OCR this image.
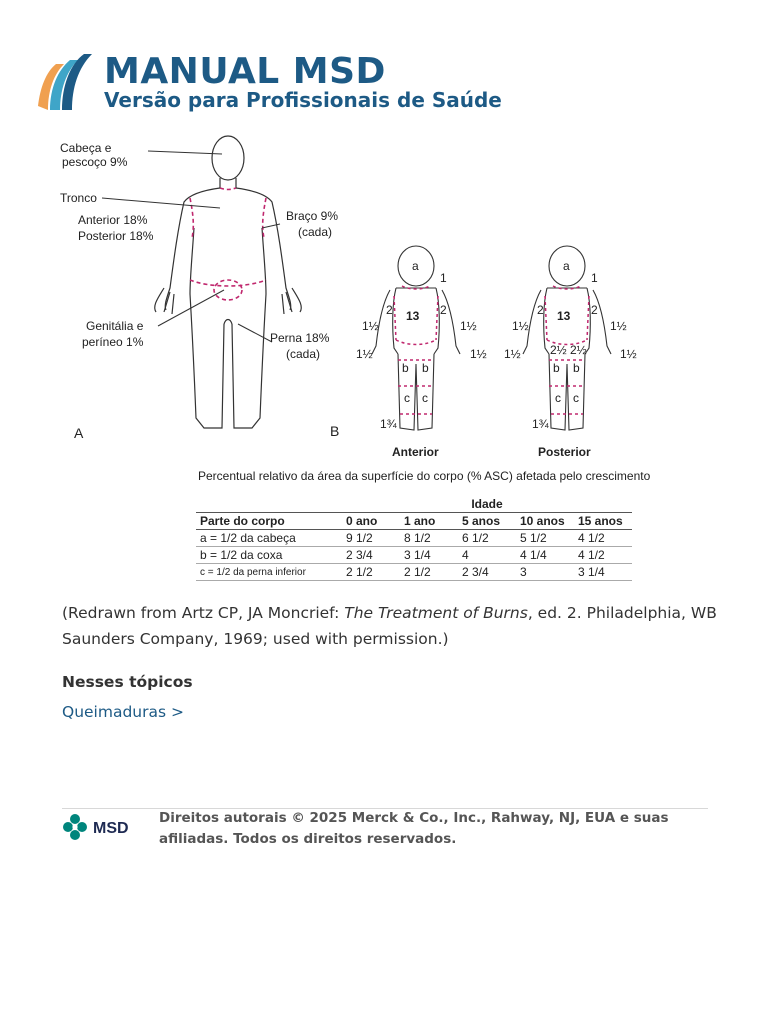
MANUAL MSD
Versão para Profissionais de Saúde
Cabeça e
pescoço 9%
Tronco
Anterior 18%
Posterior 18%
Braço 9%
(cada)
Genitália e
períneo 1%	Perna 18%
(cada)
A
a
1
13
2	2
1½	1½
1½	1½
b b
c c
1¾
B
Anterior
a
1
13
2	2
1½	1½
1½	1½
2½ 2½
b b
c c
1¾
Posterior
Percentual relativo da área da superfície do corpo (% ASC) afetada pelo crescimento
	Idade				
Parte do corpo	0 ano	1 ano	5 anos	10 anos	15 anos
a = 1/2 da cabeça	9 1/2	8 1/2	6 1/2	5 1/2	4 1/2
b = 1/2 da coxa	2 3/4	3 1/4	4	4 1/4	4 1/2
c = 1/2 da perna inferior	2 1/2	2 1/2	2 3/4	3	3 1/4

(Redrawn from Artz CP, JA Moncrief: The Treatment of Burns, ed. 2. Philadelphia, WB Saunders Company, 1969; used with permission.)

Nesses tópicos
Queimaduras >
MSD
Direitos autorais © 2025 Merck & Co., Inc., Rahway, NJ, EUA e suas afiliadas. Todos os direitos reservados.
